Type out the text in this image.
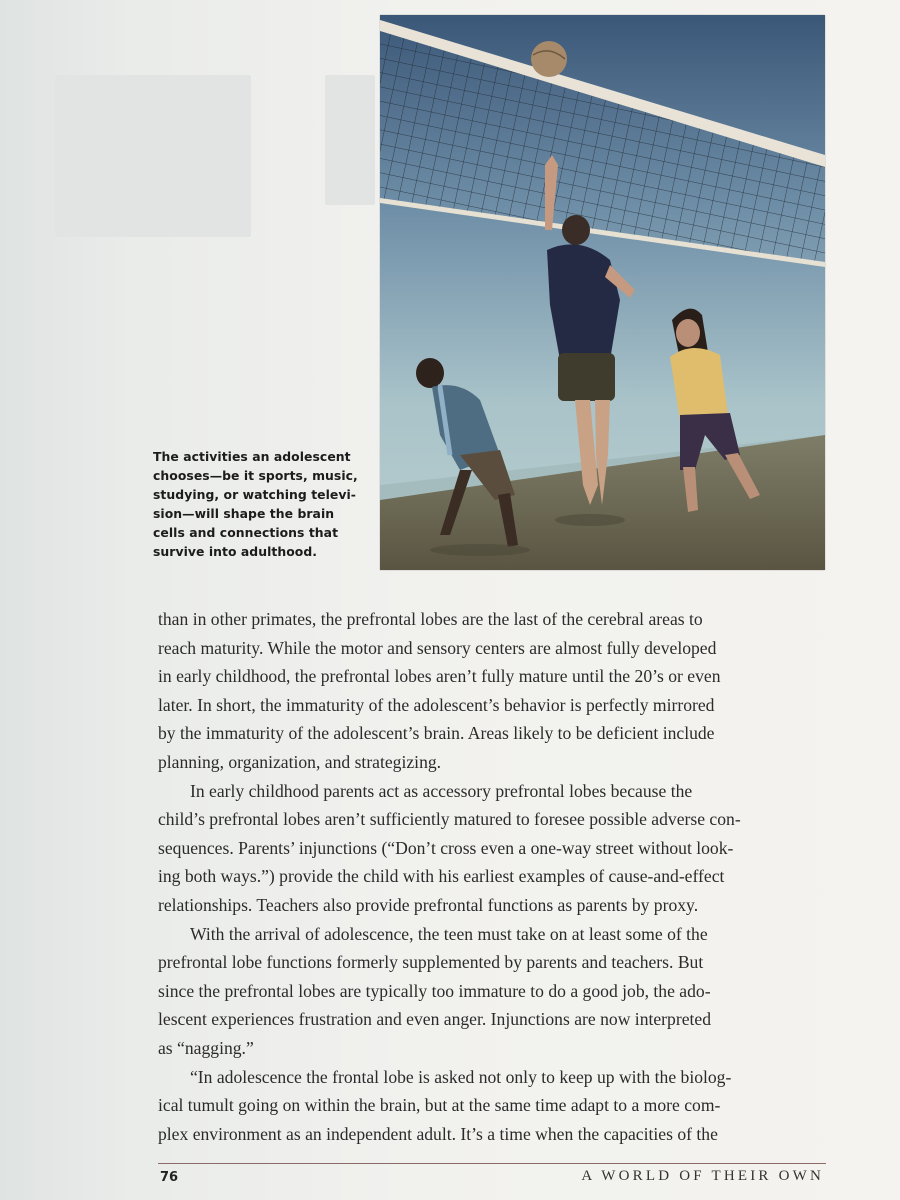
The activities an adolescent
chooses—be it sports, music,
studying, or watching televi-
sion—will shape the brain
cells and connections that
survive into adulthood.
than in other primates, the prefrontal lobes are the last of the cerebral areas to
reach maturity. While the motor and sensory centers are almost fully developed
in early childhood, the prefrontal lobes aren’t fully mature until the 20’s or even
later. In short, the immaturity of the adolescent’s behavior is perfectly mirrored
by the immaturity of the adolescent’s brain. Areas likely to be deficient include
planning, organization, and strategizing.
In early childhood parents act as accessory prefrontal lobes because the
child’s prefrontal lobes aren’t sufficiently matured to foresee possible adverse con-
sequences. Parents’ injunctions (“Don’t cross even a one-way street without look-
ing both ways.”) provide the child with his earliest examples of cause-and-effect
relationships. Teachers also provide prefrontal functions as parents by proxy.
With the arrival of adolescence, the teen must take on at least some of the
prefrontal lobe functions formerly supplemented by parents and teachers. But
since the prefrontal lobes are typically too immature to do a good job, the ado-
lescent experiences frustration and even anger. Injunctions are now interpreted
as “nagging.”
“In adolescence the frontal lobe is asked not only to keep up with the biolog-
ical tumult going on within the brain, but at the same time adapt to a more com-
plex environment as an independent adult. It’s a time when the capacities of the
76	A WORLD OF THEIR OWN
